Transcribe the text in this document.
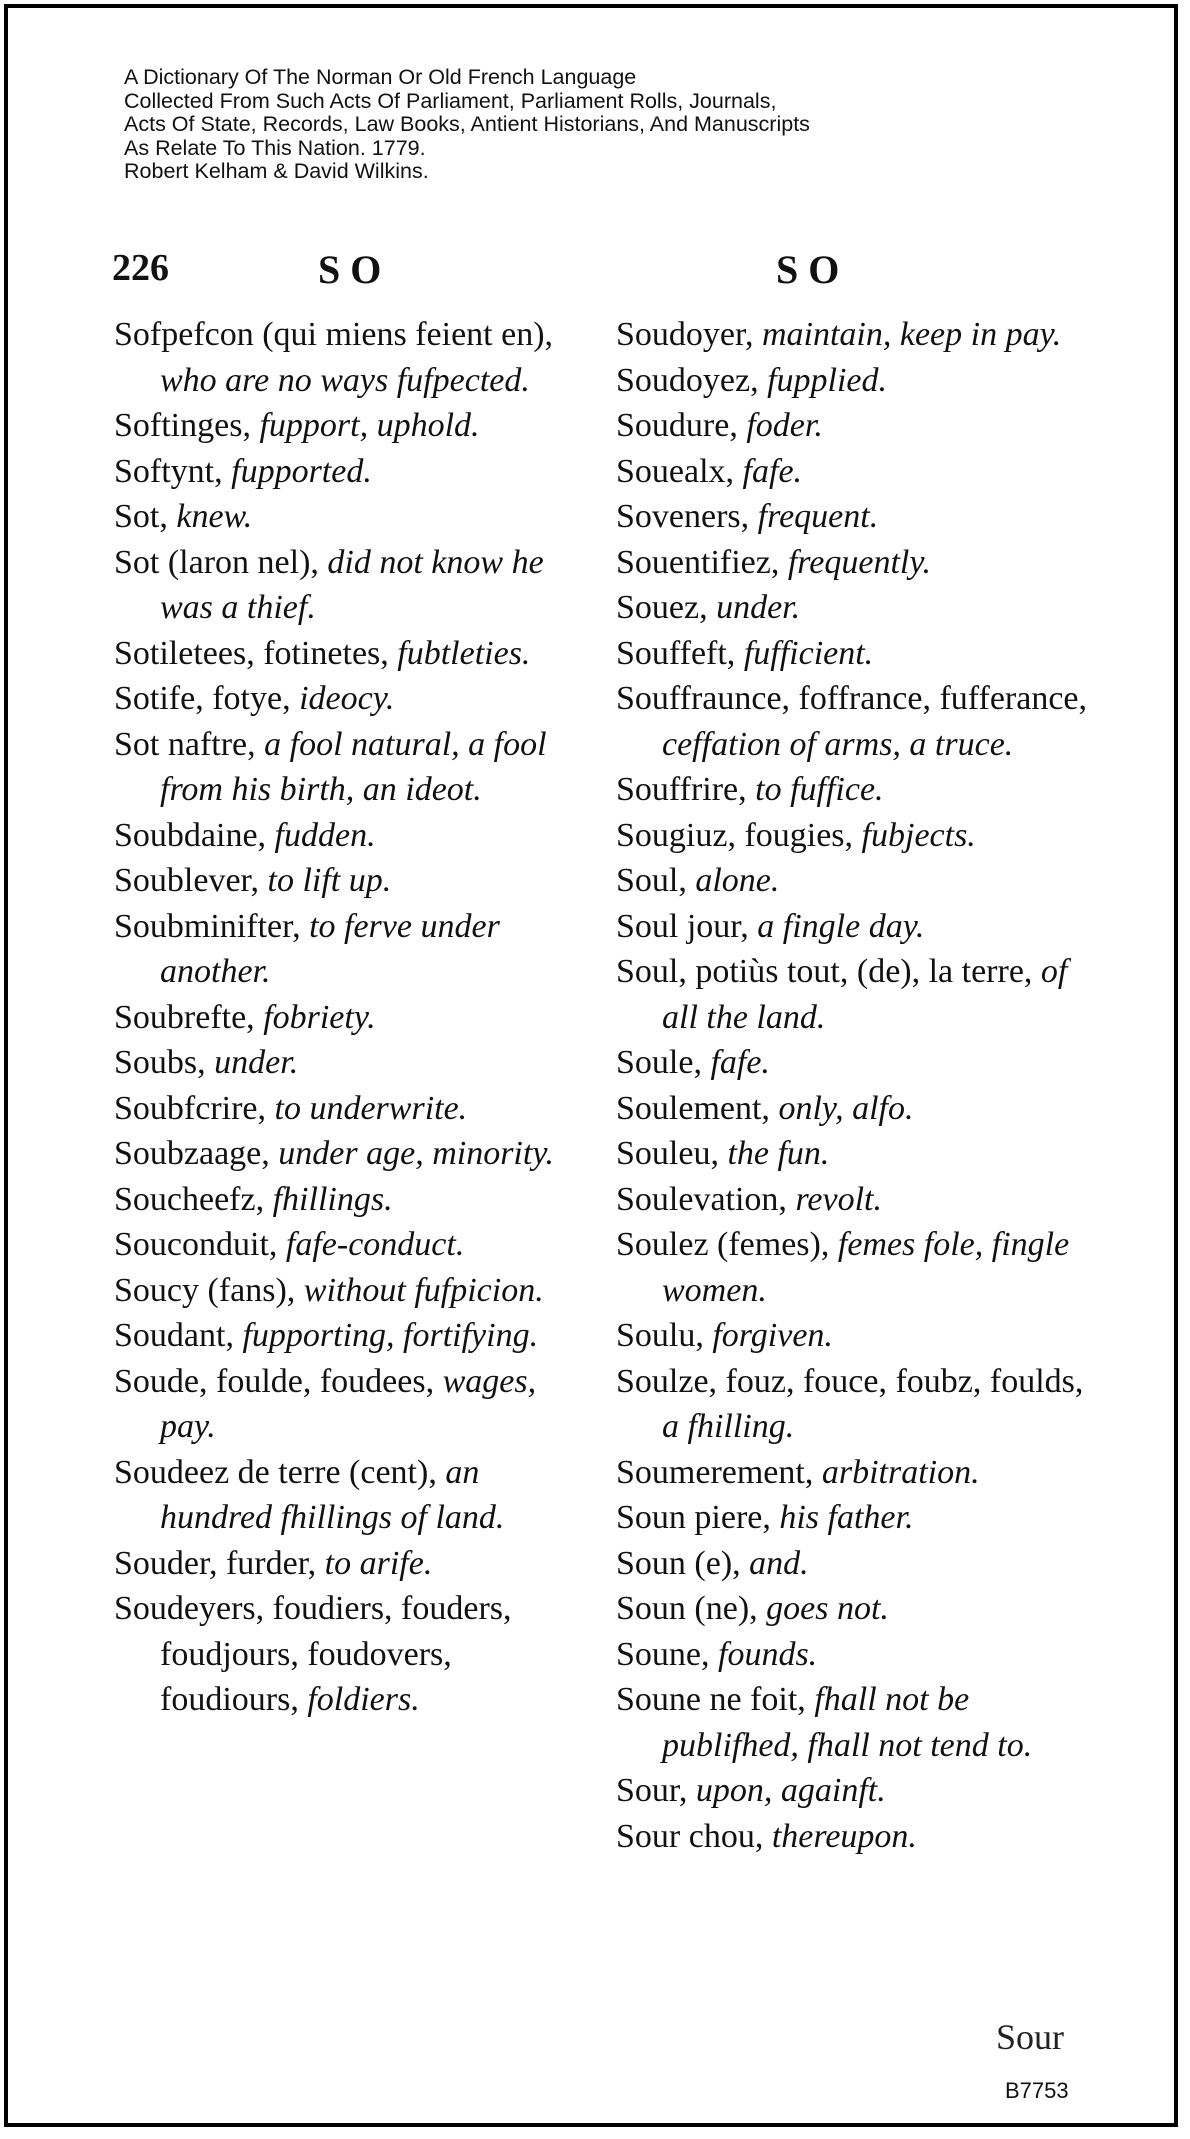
A Dictionary Of The Norman Or Old French Language
Collected From Such Acts Of Parliament, Parliament Rolls, Journals,
Acts Of State, Records, Law Books, Antient Historians, And Manuscripts
As Relate To This Nation. 1779.
Robert Kelham & David Wilkins.
226	SO	SO
Sofpefcon (qui miens feient en), who are no ways fufpected.
Softinges, fupport, uphold.
Softynt, fupported.
Sot, knew.
Sot (laron nel), did not know he was a thief.
Sotiletees, fotinetes, fubtleties.
Sotife, fotye, ideocy.
Sot naftre, a fool natural, a fool from his birth, an ideot.
Soubdaine, fudden.
Soublever, to lift up.
Soubminifter, to ferve under another.
Soubrefte, fobriety.
Soubs, under.
Soubfcrire, to underwrite.
Soubzaage, under age, minority.
Soucheefz, fhillings.
Souconduit, fafe-conduct.
Soucy (fans), without fufpicion.
Soudant, fupporting, fortifying.
Soude, foulde, foudees, wages, pay.
Soudeez de terre (cent), an hundred fhillings of land.
Souder, furder, to arife.
Soudeyers, foudiers, fouders, foudjours, foudovers, foudiours, foldiers.
Soudoyer, maintain, keep in pay.
Soudoyez, fupplied.
Soudure, foder.
Souealx, fafe.
Soveners, frequent.
Souentifiez, frequently.
Souez, under.
Souffeft, fufficient.
Souffraunce, foffrance, fufferance, ceffation of arms, a truce.
Souffrire, to fuffice.
Sougiuz, fougies, fubjects.
Soul, alone.
Soul jour, a fingle day.
Soul, potiùs tout, (de), la terre, of all the land.
Soule, fafe.
Soulement, only, alfo.
Souleu, the fun.
Soulevation, revolt.
Soulez (femes), femes fole, fingle women.
Soulu, forgiven.
Soulze, fouz, fouce, foubz, foulds, a fhilling.
Soumerement, arbitration.
Soun piere, his father.
Soun (e), and.
Soun (ne), goes not.
Soune, founds.
Soune ne foit, fhall not be publifhed, fhall not tend to.
Sour, upon, againft.
Sour chou, thereupon.
Sour
B7753
